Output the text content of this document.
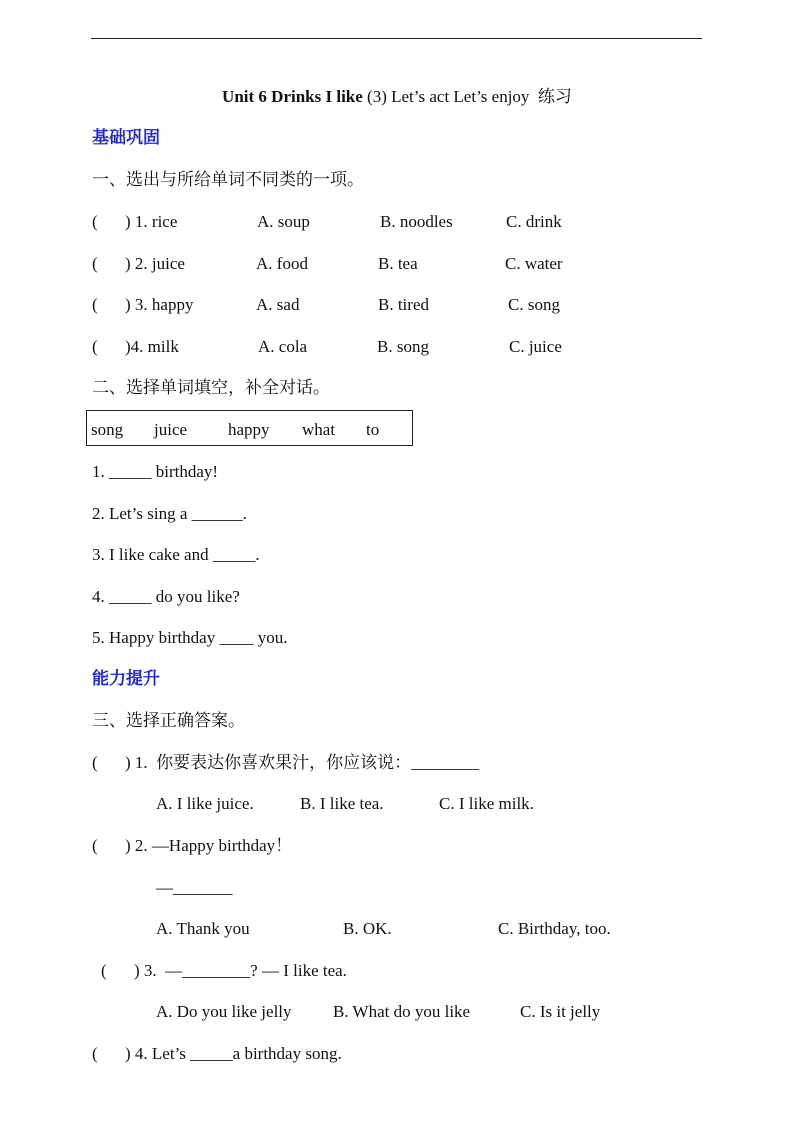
Unit 6 Drinks I like (3) Let’s act Let’s enjoy  练习
基础巩固
一、选出与所给单词不同类的一项。
( ) 1. rice	A. soup	B. noodles	C. drink
( ) 2. juice	A. food	B. tea	C. water
( ) 3. happy	A. sad	B. tired	C. song
( )4. milk	A. cola	B. song	C. juice
二、选择单词填空，补全对话。
song juice happy what to
1. _____ birthday!
2. Let’s sing a ______.
3. I like cake and _____.
4. _____ do you like?
5. Happy birthday ____ you.
能力提升
三、选择正确答案。
( ) 1.  你要表达你喜欢果汁，你应该说：________
A. I like juice.	B. I like tea.	C. I like milk.
( ) 2. —Happy birthday！
—_______
A. Thank you	B. OK.	C. Birthday, too.
( ) 3.  —________? — I like tea.
A. Do you like jelly B. What do you like	C. Is it jelly
( ) 4. Let’s _____a birthday song.
